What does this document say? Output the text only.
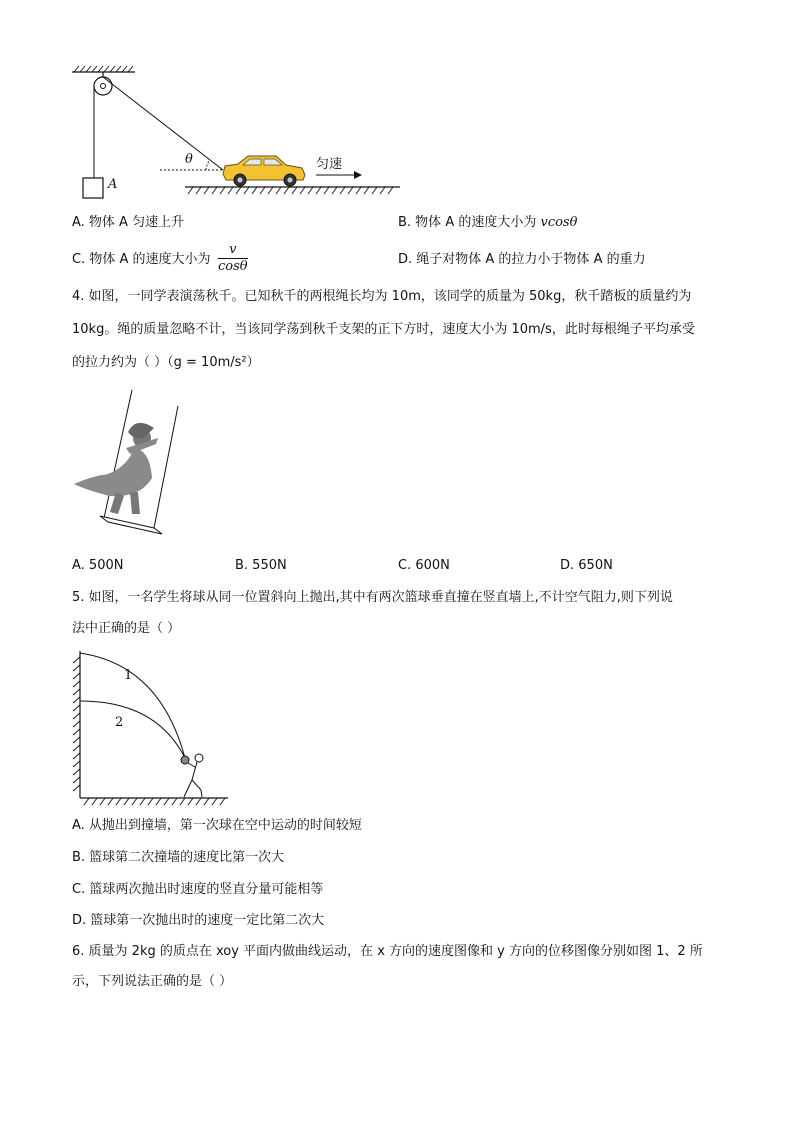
θ
A
匀速
A. 物体 A 匀速上升	B. 物体 A 的速度大小为 vcosθ
C. 物体 A 的速度大小为 $\frac{v}{\cos\theta}$	D. 绳子对物体 A 的拉力小于物体 A 的重力
4. 如图，一同学表演荡秋千。已知秋千的两根绳长均为 10m，该同学的质量为 50kg，秋千踏板的质量约为
10kg。绳的质量忽略不计，当该同学荡到秋千支架的正下方时，速度大小为 10m/s，此时每根绳子平均承受
的拉力约为（ ）（g = 10m/s²）
A. 500N	B. 550N	C. 600N	D. 650N
5. 如图，一名学生将球从同一位置斜向上抛出,其中有两次篮球垂直撞在竖直墙上,不计空气阻力,则下列说
法中正确的是（ ）
1
2
A. 从抛出到撞墙，第一次球在空中运动的时间较短
B. 篮球第二次撞墙的速度比第一次大
C. 篮球两次抛出时速度的竖直分量可能相等
D. 篮球第一次抛出时的速度一定比第二次大
6. 质量为 2kg 的质点在 xoy 平面内做曲线运动，在 x 方向的速度图像和 y 方向的位移图像分别如图 1、2 所
示，下列说法正确的是（ ）
